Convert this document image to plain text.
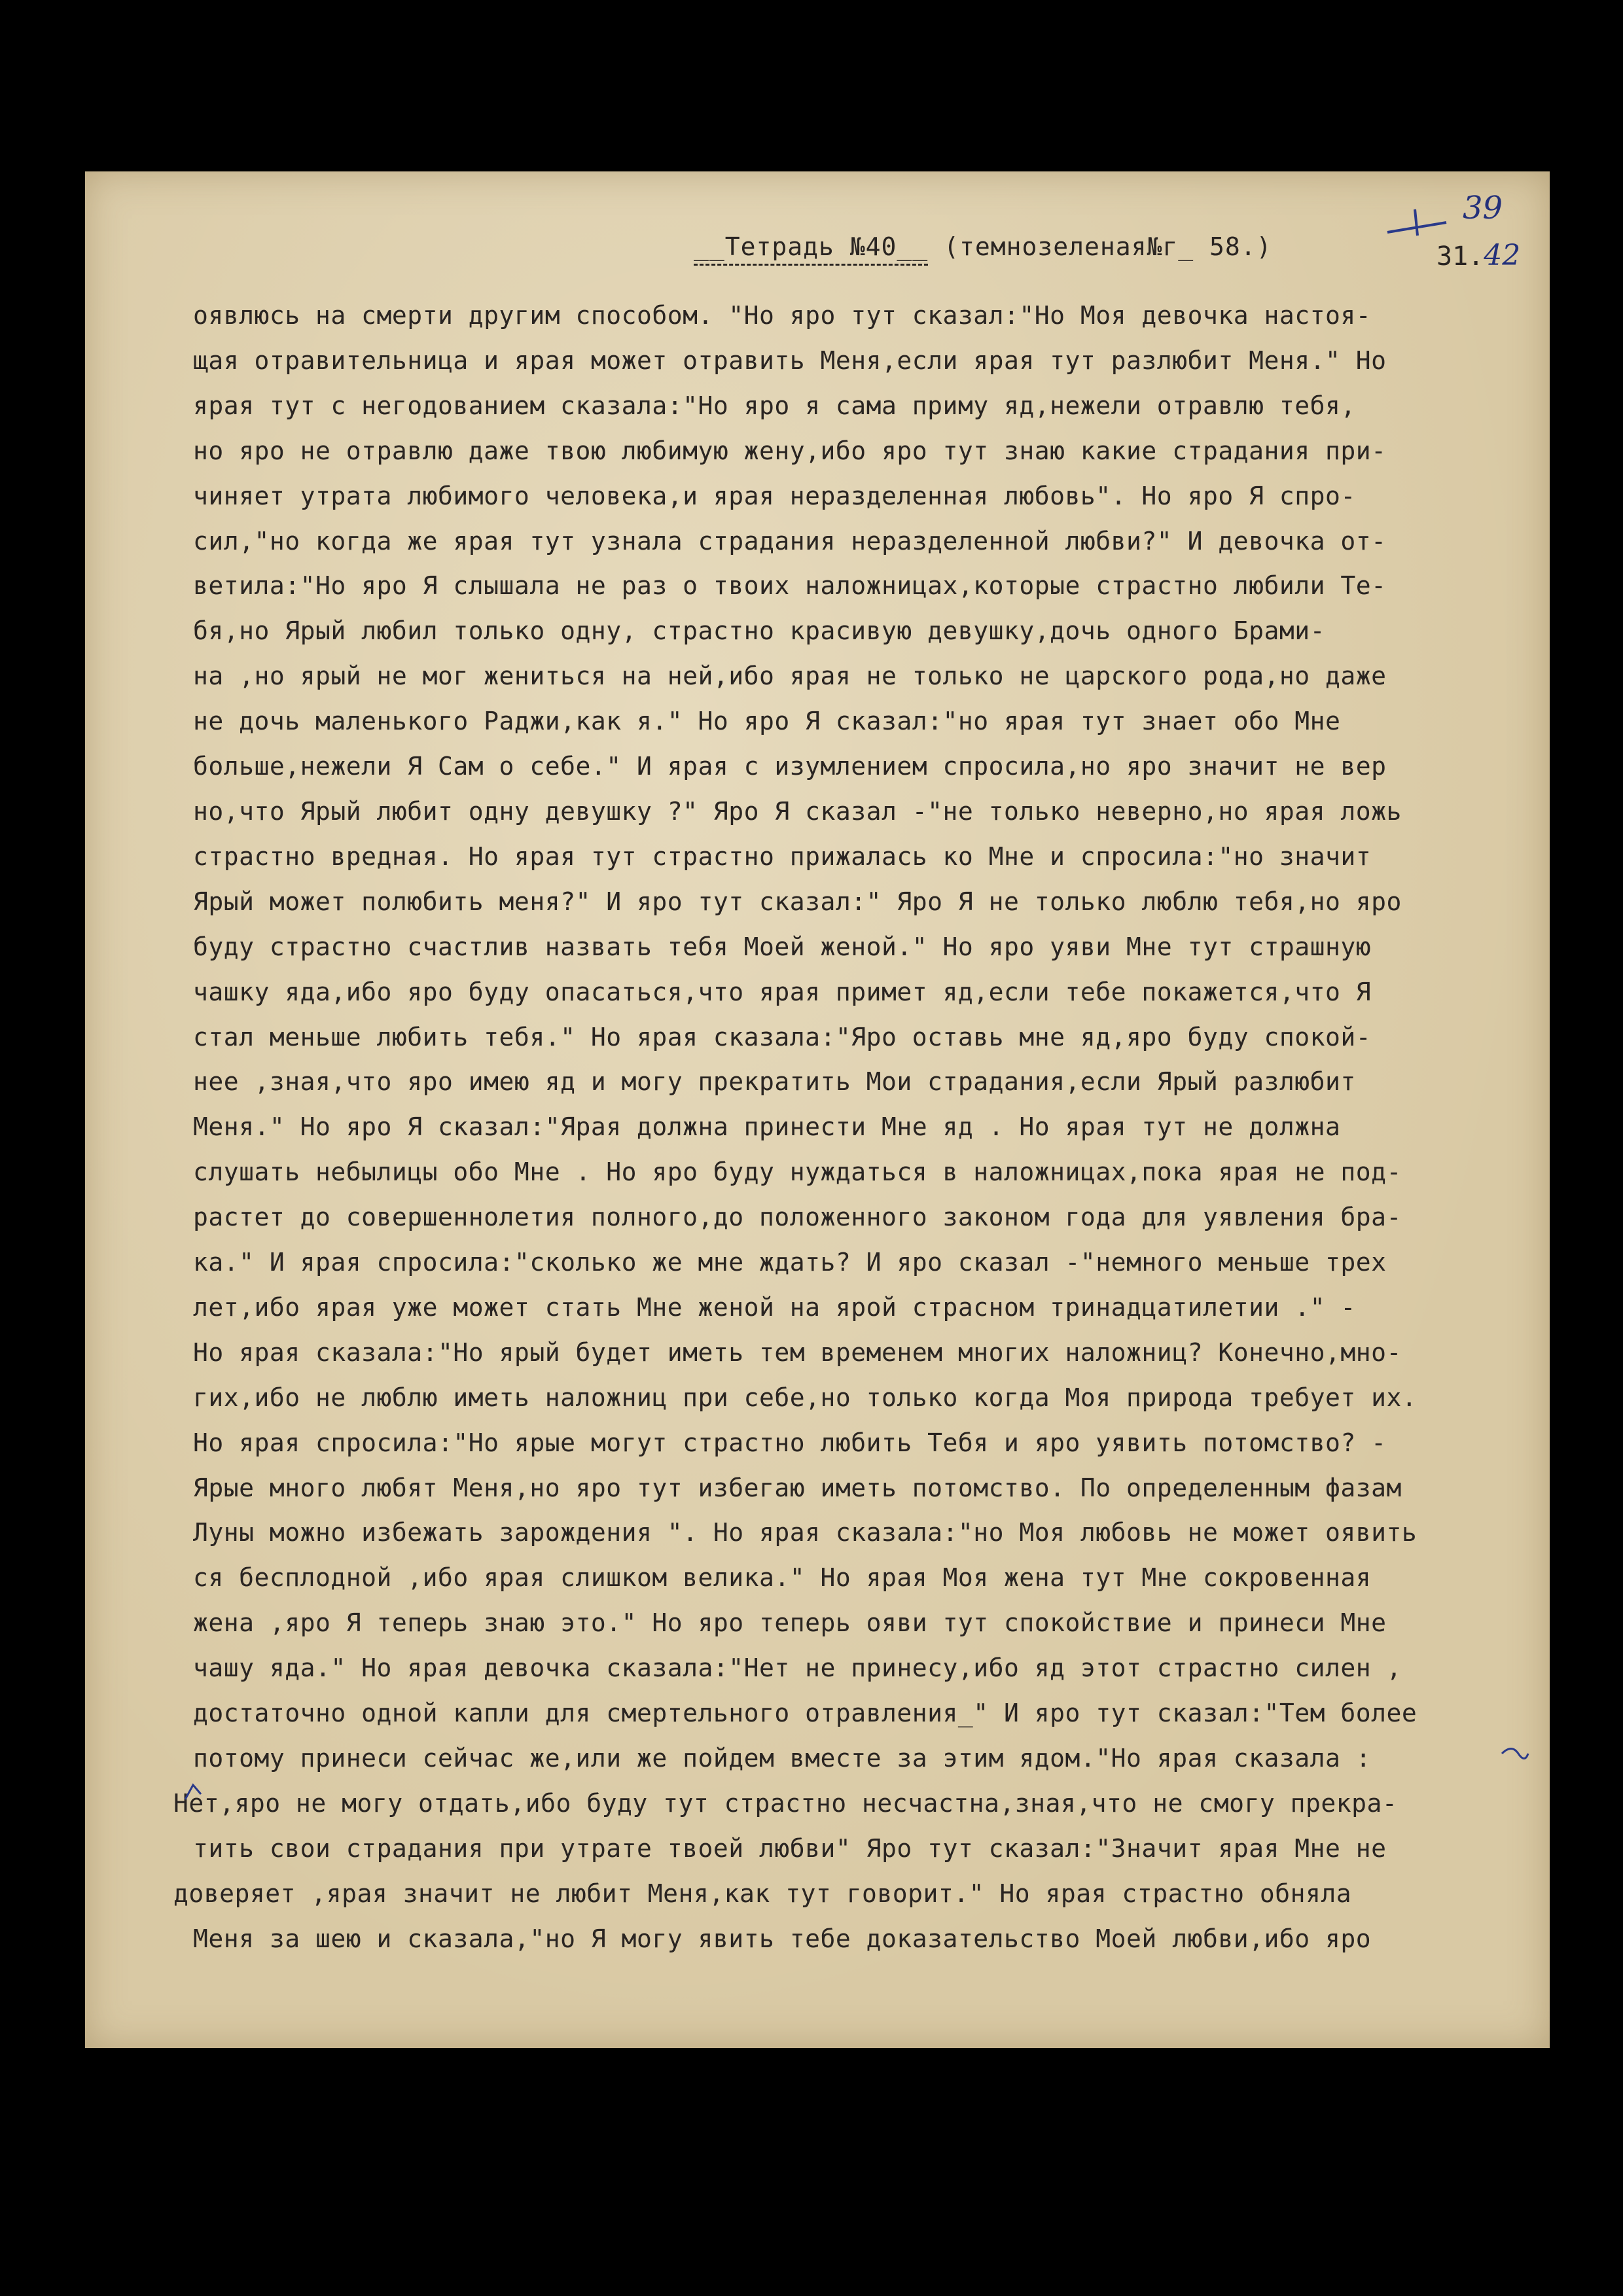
__Тетрадь №40__ (темнозеленая№г_ 58.)	31.42
39
оявлюсь на смерти другим способом. "Но яро тут сказал:"Но Моя девочка настоя-
щая отравительница и ярая может отравить Меня,если ярая тут разлюбит Меня." Но
ярая тут с негодованием сказала:"Но яро я сама приму яд,нежели отравлю тебя,
но яро не отравлю даже твою любимую жену,ибо яро тут знаю какие страдания при-
чиняет утрата любимого человека,и ярая неразделенная любовь". Но яро Я спро-
сил,"но когда же ярая тут узнала страдания неразделенной любви?" И девочка от-
ветила:"Но яро Я слышала не раз о твоих наложницах,которые страстно любили Те-
бя,но Ярый любил только одну, страстно красивую девушку,дочь одного Брами-
на ,но ярый не мог жениться на ней,ибо ярая не только не царского рода,но даже
не дочь маленького Раджи,как я." Но яро Я сказал:"но ярая тут знает обо Мне
больше,нежели Я Сам о себе." И ярая с изумлением спросила,но яро значит не вер
но,что Ярый любит одну девушку ?" Яро Я сказал -"не только неверно,но ярая ложь
страстно вредная. Но ярая тут страстно прижалась ко Мне и спросила:"но значит
Ярый может полюбить меня?" И яро тут сказал:" Яро Я не только люблю тебя,но яро
буду страстно счастлив назвать тебя Моей женой." Но яро уяви Мне тут страшную
чашку яда,ибо яро буду опасаться,что ярая примет яд,если тебе покажется,что Я
стал меньше любить тебя." Но ярая сказала:"Яро оставь мне яд,яро буду спокой-
нее ,зная,что яро имею яд и могу прекратить Мои страдания,если Ярый разлюбит
Меня." Но яро Я сказал:"Ярая должна принести Мне яд . Но ярая тут не должна
слушать небылицы обо Мне . Но яро буду нуждаться в наложницах,пока ярая не под-
растет до совершеннолетия полного,до положенного законом года для уявления бра-
ка." И ярая спросила:"сколько же мне ждать? И яро сказал -"немного меньше трех
лет,ибо ярая уже может стать Мне женой на ярой страсном тринадцатилетии ." -
Но ярая сказала:"Но ярый будет иметь тем временем многих наложниц? Конечно,мно-
гих,ибо не люблю иметь наложниц при себе,но только когда Моя природа требует их.
Но ярая спросила:"Но ярые могут страстно любить Тебя и яро уявить потомство? -
Ярые много любят Меня,но яро тут избегаю иметь потомство. По определенным фазам
Луны можно избежать зарождения ". Но ярая сказала:"но Моя любовь не может оявить
ся бесплодной ,ибо ярая слишком велика." Но ярая Моя жена тут Мне сокровенная
жена ,яро Я теперь знаю это." Но яро теперь ояви тут спокойствие и принеси Мне
чашу яда." Но ярая девочка сказала:"Нет не принесу,ибо яд этот страстно силен ,
достаточно одной капли для смертельного отравления_" И яро тут сказал:"Тем более
потому принеси сейчас же,или же пойдем вместе за этим ядом."Но ярая сказала :
Нет,яро не могу отдать,ибо буду тут страстно несчастна,зная,что не смогу прекра-
тить свои страдания при утрате твоей любви" Яро тут сказал:"Значит ярая Мне не
доверяет ,ярая значит не любит Меня,как тут говорит." Но ярая страстно обняла
Меня за шею и сказала,"но Я могу явить тебе доказательство Моей любви,ибо яро
